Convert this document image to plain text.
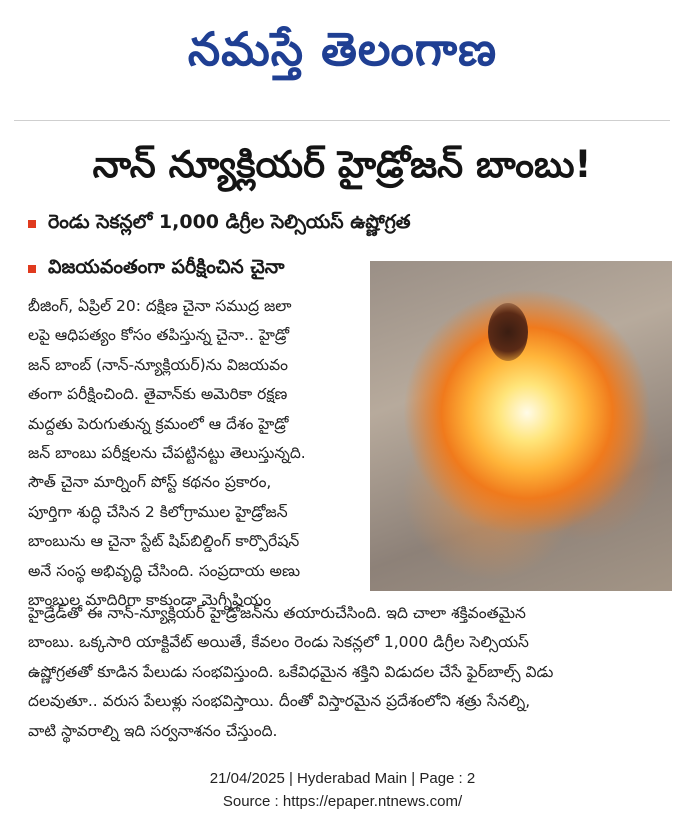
నమస్తే తెలంగాణ
నాన్ న్యూక్లియర్ హైడ్రోజన్ బాంబు!
రెండు సెకన్లలో 1,000 డిగ్రీల సెల్సియస్ ఉష్ణోగ్రత
విజయవంతంగా పరీక్షించిన చైనా
బీజింగ్, ఏప్రిల్ 20: దక్షిణ చైనా సముద్ర జలా
లపై ఆధిపత్యం కోసం తపిస్తున్న చైనా.. హైడ్రో
జన్ బాంబ్ (నాన్-న్యూక్లియర్)ను విజయవం
తంగా పరీక్షించింది. తైవాన్‌కు అమెరికా రక్షణ
మద్దతు పెరుగుతున్న క్రమంలో ఆ దేశం హైడ్రో
జన్ బాంబు పరీక్షలను చేపట్టినట్టు తెలుస్తున్నది.
సౌత్ చైనా మార్నింగ్ పోస్ట్ కథనం ప్రకారం,
పూర్తిగా శుద్ధి చేసిన 2 కిలోగ్రాముల హైడ్రోజన్
బాంబును ఆ చైనా స్టేట్ షిప్‌బిల్డింగ్ కార్పొరేషన్
అనే సంస్థ అభివృద్ధి చేసింది. సంప్రదాయ అణు
బాంబుల మాదిరిగా కాకుండా మెగ్నీషియం
హైడ్రేడ్‌తో ఈ నాన్-న్యూక్లియర్ హైడ్రోజన్‌ను తయారుచేసింది. ఇది చాలా శక్తివంతమైన
బాంబు. ఒక్కసారి యాక్టివేట్ అయితే, కేవలం రెండు సెకన్లలో 1,000 డిగ్రీల సెల్సియస్
ఉష్ణోగ్రతతో కూడిన పేలుడు సంభవిస్తుంది. ఒకేవిధమైన శక్తిని విడుదల చేసే ఫైర్‌బాల్స్ విడు
దలవుతూ.. వరుస పేలుళ్లు సంభవిస్తాయి. దీంతో విస్తారమైన ప్రదేశంలోని శత్రు సేనల్ని,
వాటి స్థావరాల్ని ఇది సర్వనాశనం చేస్తుంది.
21/04/2025 | Hyderabad Main | Page : 2
Source : https://epaper.ntnews.com/
